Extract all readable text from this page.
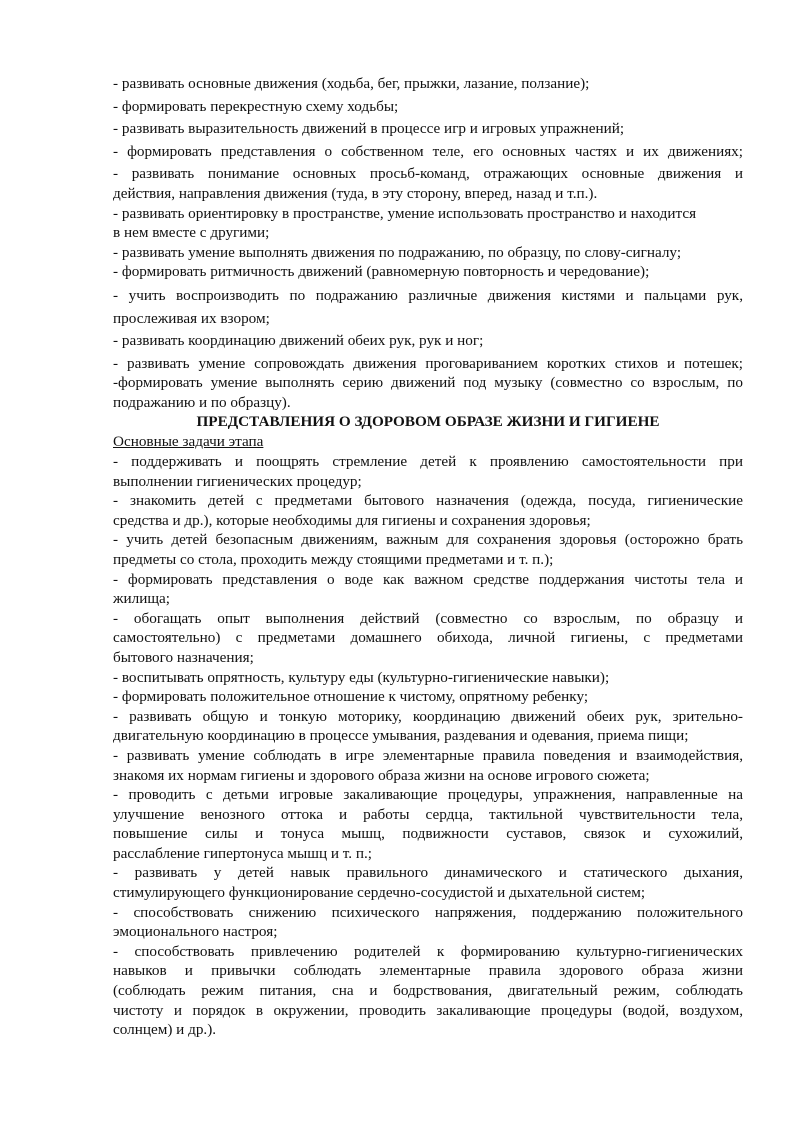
- развивать основные движения (ходьба, бег, прыжки, лазание, ползание);
- формировать перекрестную схему ходьбы;
- развивать выразительность движений в процессе игр и игровых упражнений;
- формировать представления о собственном теле, его основных частях и их движениях;
- развивать понимание основных просьб-команд, отражающих основные движения и
действия, направления движения (туда, в эту сторону, вперед, назад и т.п.).
- развивать ориентировку в пространстве, умение использовать пространство и находится
в нем вместе с другими;
- развивать умение выполнять движения по подражанию, по образцу, по слову-сигналу;
- формировать ритмичность движений (равномерную повторность и чередование);
- учить воспроизводить по подражанию различные движения кистями и пальцами рук,
прослеживая их взором;
- развивать координацию движений обеих рук, рук и ног;
- развивать умение сопровождать движения проговариванием коротких стихов и потешек;
-формировать умение выполнять серию движений под музыку (совместно со взрослым, по
подражанию и по образцу).
ПРЕДСТАВЛЕНИЯ О ЗДОРОВОМ ОБРАЗЕ ЖИЗНИ И ГИГИЕНЕ
Основные задачи этапа
- поддерживать и поощрять стремление детей к проявлению самостоятельности при
выполнении гигиенических процедур;
- знакомить детей с предметами бытового назначения (одежда, посуда, гигиенические
средства и др.), которые необходимы для гигиены и сохранения здоровья;
- учить детей безопасным движениям, важным для сохранения здоровья (осторожно брать
предметы со стола, проходить между стоящими предметами и т. п.);
- формировать представления о воде как важном средстве поддержания чистоты тела и
жилища;
- обогащать опыт выполнения действий (совместно со взрослым, по образцу и
самостоятельно) с предметами домашнего обихода, личной гигиены, с предметами
бытового назначения;
- воспитывать опрятность, культуру еды (культурно-гигиенические навыки);
- формировать положительное отношение к чистому, опрятному ребенку;
- развивать общую и тонкую моторику, координацию движений обеих рук, зрительно-
двигательную координацию в процессе умывания, раздевания и одевания, приема пищи;
- развивать умение соблюдать в игре элементарные правила поведения и взаимодействия,
знакомя их нормам гигиены и здорового образа жизни на основе игрового сюжета;
- проводить с детьми игровые закаливающие процедуры, упражнения, направленные на
улучшение венозного оттока и работы сердца, тактильной чувствительности тела,
повышение силы и тонуса мышц, подвижности суставов, связок и сухожилий,
расслабление гипертонуса мышц и т. п.;
- развивать у детей навык правильного динамического и статического дыхания,
стимулирующего функционирование сердечно-сосудистой и дыхательной систем;
- способствовать снижению психического напряжения, поддержанию положительного
эмоционального настроя;
- способствовать привлечению родителей к формированию культурно-гигиенических
навыков и привычки соблюдать элементарные правила здорового образа жизни
(соблюдать режим питания, сна и бодрствования, двигательный режим, соблюдать
чистоту и порядок в окружении, проводить закаливающие процедуры (водой, воздухом,
солнцем) и др.).
